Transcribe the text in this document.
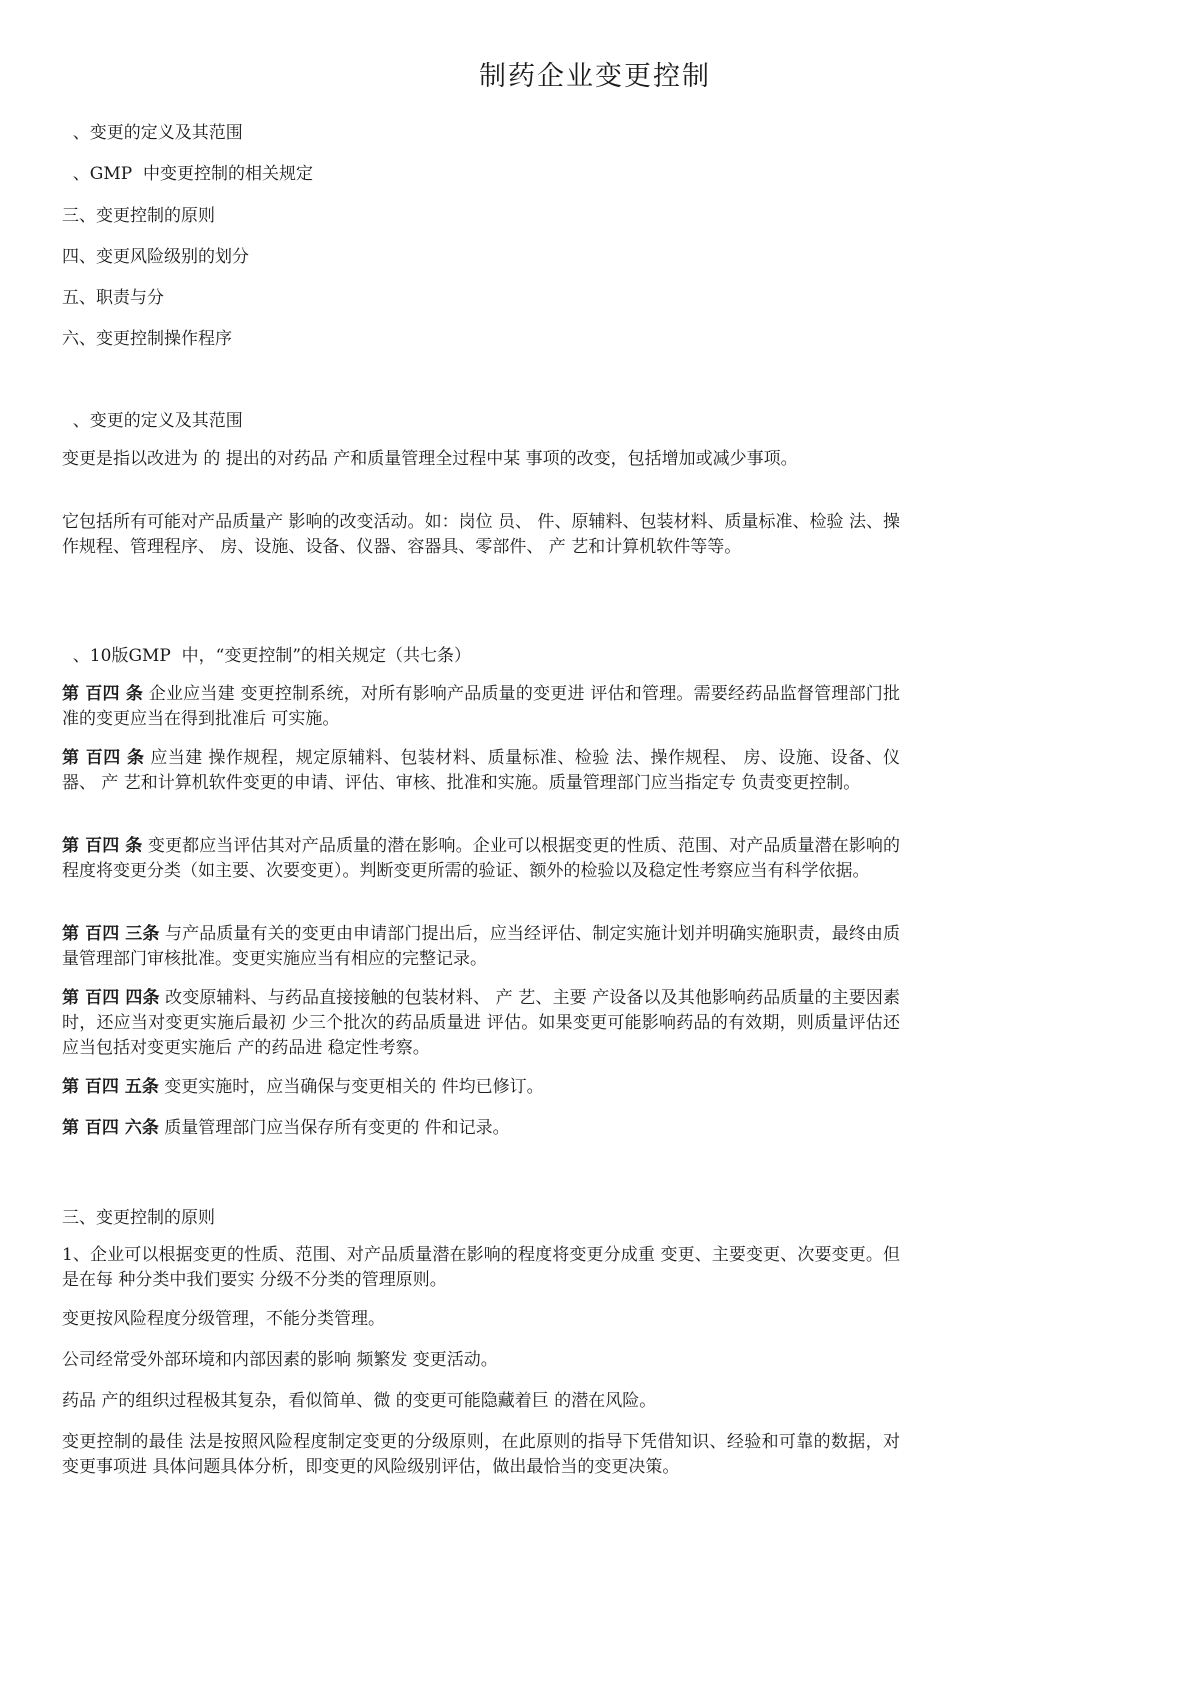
制药企业变更控制
、变更的定义及其范围
、GMP  中变更控制的相关规定
三、变更控制的原则
四、变更风险级别的划分
五、职责与分
六、变更控制操作程序
、变更的定义及其范围

变更是指以改进为 的 提出的对药品 产和质量管理全过程中某 事项的改变，包括增加或减少事项。

它包括所有可能对产品质量产 影响的改变活动。如：岗位 员、 件、原辅料、包装材料、质量标准、检验 法、操作规程、管理程序、 房、设施、设备、仪器、容器具、零部件、 产 艺和计算机软件等等。

、10版GMP  中，“变更控制”的相关规定（共七条）

第 百四 条 企业应当建 变更控制系统，对所有影响产品质量的变更进 评估和管理。需要经药品监督管理部门批准的变更应当在得到批准后 可实施。

第 百四 条 应当建 操作规程，规定原辅料、包装材料、质量标准、检验 法、操作规程、 房、设施、设备、仪器、 产 艺和计算机软件变更的申请、评估、审核、批准和实施。质量管理部门应当指定专 负责变更控制。

第 百四 条 变更都应当评估其对产品质量的潜在影响。企业可以根据变更的性质、范围、对产品质量潜在影响的程度将变更分类（如主要、次要变更）。判断变更所需的验证、额外的检验以及稳定性考察应当有科学依据。

第 百四 三条 与产品质量有关的变更由申请部门提出后，应当经评估、制定实施计划并明确实施职责，最终由质量管理部门审核批准。变更实施应当有相应的完整记录。

第 百四 四条 改变原辅料、与药品直接接触的包装材料、 产 艺、主要 产设备以及其他影响药品质量的主要因素时，还应当对变更实施后最初 少三个批次的药品质量进 评估。如果变更可能影响药品的有效期，则质量评估还应当包括对变更实施后 产的药品进 稳定性考察。

第 百四 五条 变更实施时，应当确保与变更相关的 件均已修订。

第 百四 六条 质量管理部门应当保存所有变更的 件和记录。

三、变更控制的原则

1、企业可以根据变更的性质、范围、对产品质量潜在影响的程度将变更分成重 变更、主要变更、次要变更。但是在每 种分类中我们要实 分级不分类的管理原则。

变更按风险程度分级管理，不能分类管理。

公司经常受外部环境和内部因素的影响 频繁发 变更活动。

药品 产的组织过程极其复杂，看似简单、微 的变更可能隐藏着巨 的潜在风险。

变更控制的最佳 法是按照风险程度制定变更的分级原则，在此原则的指导下凭借知识、经验和可靠的数据，对变更事项进 具体问题具体分析，即变更的风险级别评估，做出最恰当的变更决策。
